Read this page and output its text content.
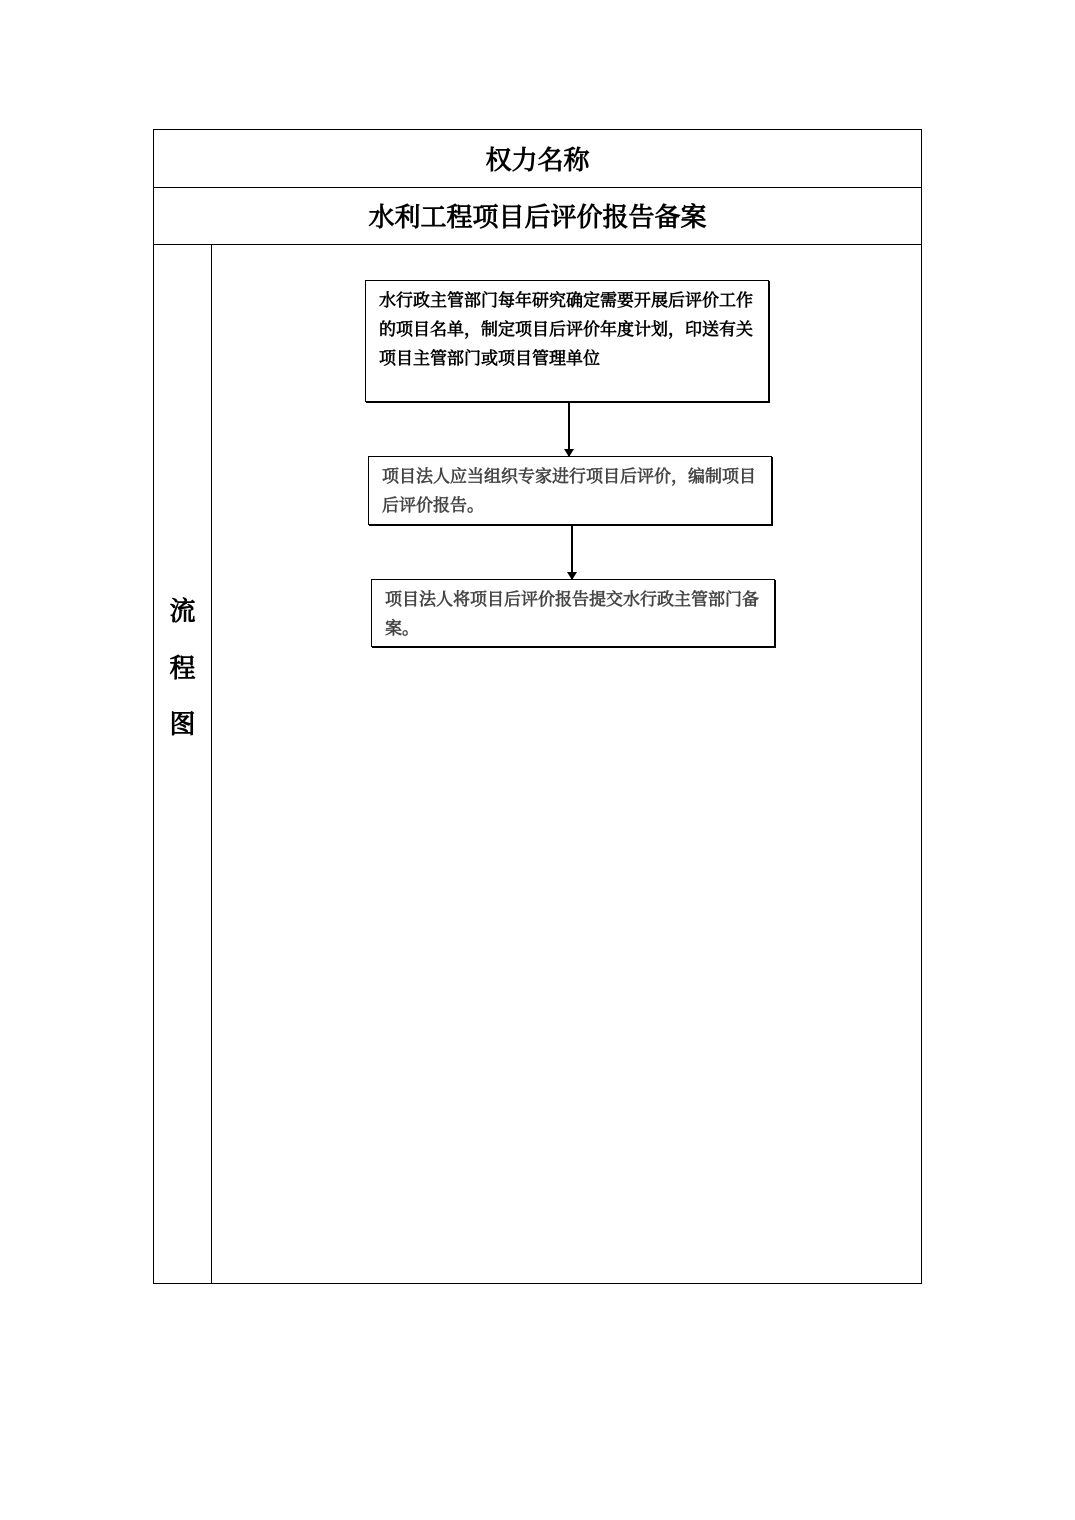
权力名称
水利工程项目后评价报告备案
流
程
图
水行政主管部门每年研究确定需要开展后评价工作的项目名单，制定项目后评价年度计划，印送有关项目主管部门或项目管理单位
项目法人应当组织专家进行项目后评价，编制项目后评价报告。
项目法人将项目后评价报告提交水行政主管部门备案。
